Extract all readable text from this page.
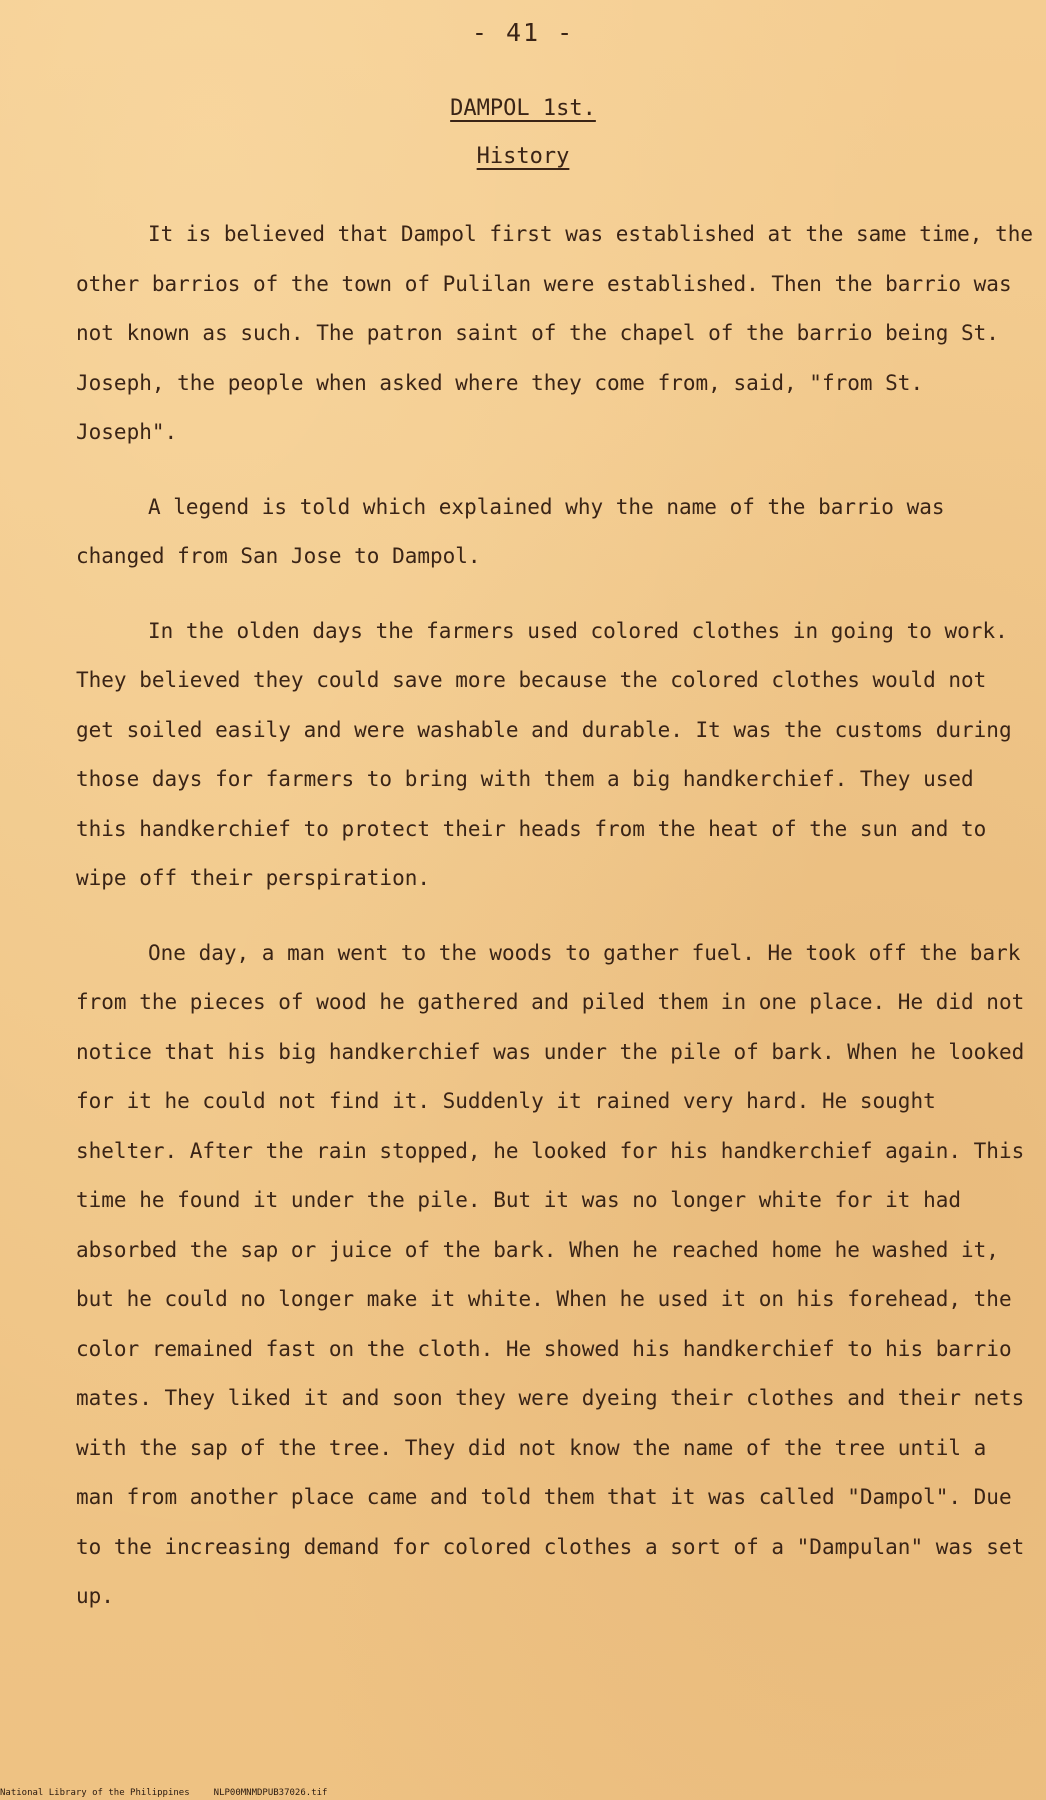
- 41 -
DAMPOL 1st.
History

It is believed that Dampol first was established at the same time, the other barrios of the town of Pulilan were established. Then the barrio was not known as such. The patron saint of the chapel of the barrio being St. Joseph, the people when asked where they come from, said, "from St. Joseph".

A legend is told which explained why the name of the barrio was changed from San Jose to Dampol.

In the olden days the farmers used colored clothes in going to work. They believed they could save more because the colored clothes would not get soiled easily and were washable and durable. It was the customs during those days for farmers to bring with them a big handkerchief. They used this handkerchief to protect their heads from the heat of the sun and to wipe off their perspiration.

One day, a man went to the woods to gather fuel. He took off the bark from the pieces of wood he gathered and piled them in one place. He did not notice that his big handkerchief was under the pile of bark. When he looked for it he could not find it. Suddenly it rained very hard. He sought shelter. After the rain stopped, he looked for his handkerchief again. This time he found it under the pile. But it was no longer white for it had absorbed the sap or juice of the bark. When he reached home he washed it, but he could no longer make it white. When he used it on his forehead, the color remained fast on the cloth. He showed his handkerchief to his barrio mates. They liked it and soon they were dyeing their clothes and their nets with the sap of the tree. They did not know the name of the tree until a man from another place came and told them that it was called "Dampol". Due to the increasing demand for colored clothes a sort of a "Dampulan" was set up.

National Library of the Philippines	NLP00MNMDPUB37026.tif
